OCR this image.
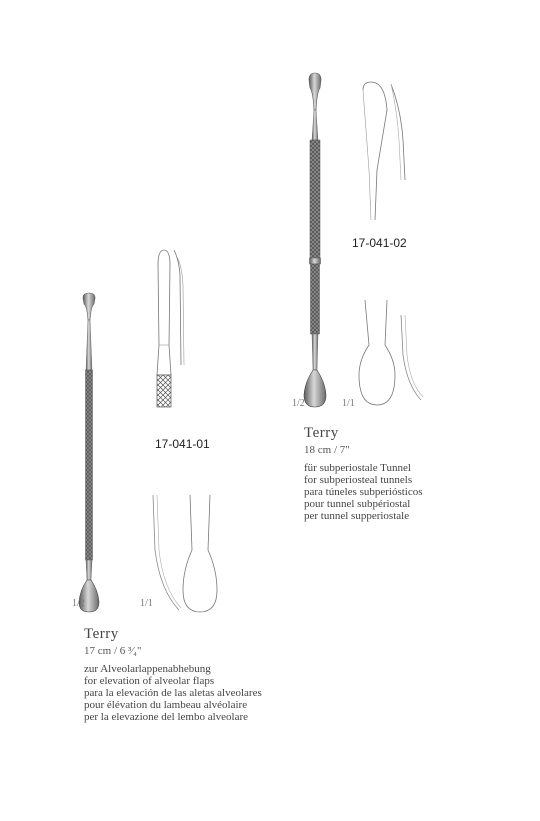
17-041-01
1/2	1/1
Terry
17 cm / 6 ³⁄₄"
zur Alveolarlappenabhebung
for elevation of alveolar flaps
para la elevación de las aletas alveolares
pour élévation du lambeau alvéolaire
per la elevazione del lembo alveolare
17-041-02
1/2	1/1
Terry
18 cm / 7"
für subperiostale Tunnel
for subperiosteal tunnels
para túneles subperiósticos
pour tunnel subpériostal
per tunnel supperiostale
